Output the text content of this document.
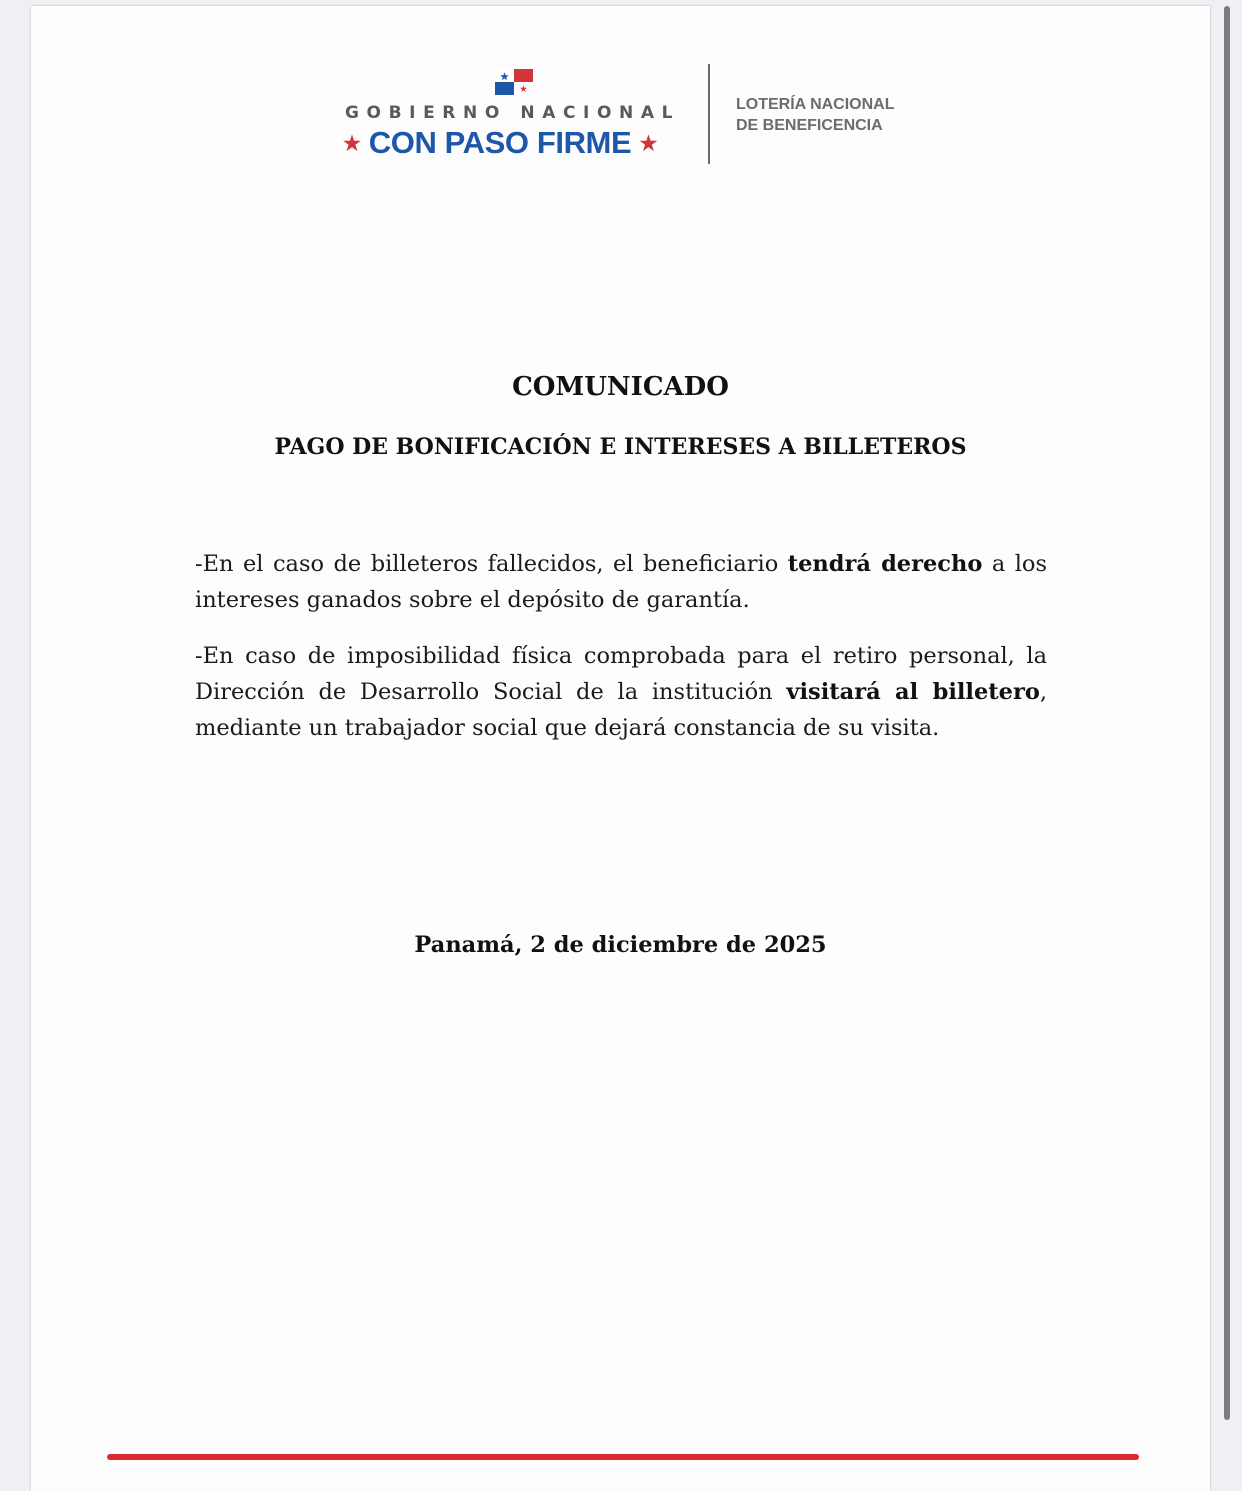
GOBIERNO NACIONAL
★ CON PASO FIRME ★
LOTERÍA NACIONAL
DE BENEFICENCIA
COMUNICADO
PAGO DE BONIFICACIÓN E INTERESES A BILLETEROS

-En el caso de billeteros fallecidos, el beneficiario tendrá derecho a los intereses ganados sobre el depósito de garantía.

-En caso de imposibilidad física comprobada para el retiro personal, la Dirección de Desarrollo Social de la institución visitará al billetero, mediante un trabajador social que dejará constancia de su visita.

Panamá, 2 de diciembre de 2025
